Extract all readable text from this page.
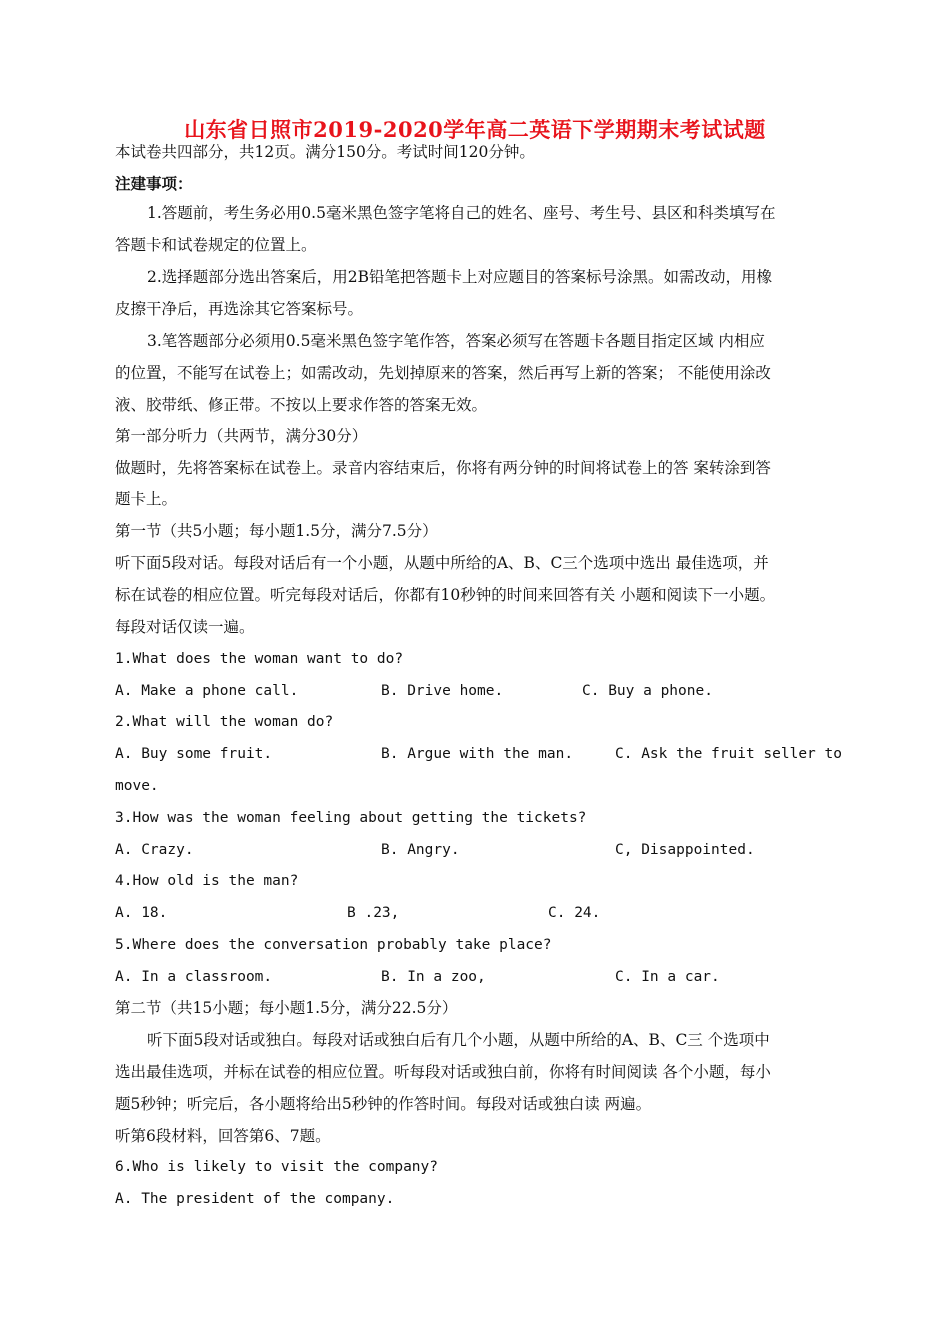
山东省日照市2019-2020学年高二英语下学期期末考试试题
本试卷共四部分，共12页。满分150分。考试时间120分钟。
注建事项：
1.答题前，考生务必用0.5毫米黑色签字笔将自己的姓名、座号、考生号、县区和科类填写在
答题卡和试卷规定的位置上。
2.选择题部分选出答案后，用2B铅笔把答题卡上对应题目的答案标号涂黑。如需改动，用橡
皮擦干净后，再选涂其它答案标号。
3.笔答题部分必须用0.5毫米黑色签字笔作答，答案必须写在答题卡各题目指定区域 内相应
的位置，不能写在试卷上；如需改动，先划掉原来的答案，然后再写上新的答案； 不能使用涂改
液、胶带纸、修正带。不按以上要求作答的答案无效。
第一部分听力（共两节，满分30分）
做题时，先将答案标在试卷上。录音内容结束后，你将有两分钟的时间将试卷上的答 案转涂到答
题卡上。
第一节（共5小题；每小题1.5分，满分7.5分）
听下面5段对话。每段对话后有一个小题，从题中所给的A、B、C三个选项中选出 最佳选项，并
标在试卷的相应位置。听完每段对话后，你都有10秒钟的时间来回答有关 小题和阅读下一小题。
每段对话仅读一遍。
1.What does the woman want to do?
A. Make a phone call.	B. Drive home.	C. Buy a phone.
2.What will the woman do?
A. Buy some fruit.	B. Argue with the man.	C. Ask the fruit seller to
move.
3.How was the woman feeling about getting the tickets?
A. Crazy.	B. Angry.	C, Disappointed.
4.How old is the man?
A. 18.	B .23,	C. 24.
5.Where does the conversation probably take place?
A. In a classroom.	B. In a zoo,	C. In a car.
第二节（共15小题；每小题1.5分，满分22.5分）
听下面5段对话或独白。每段对话或独白后有几个小题，从题中所给的A、B、C三 个选项中
选出最佳选项，并标在试卷的相应位置。听每段对话或独白前，你将有时间阅读 各个小题，每小
题5秒钟；听完后，各小题将给出5秒钟的作答时间。每段对话或独白读 两遍。
听第6段材料，回答第6、7题。
6.Who is likely to visit the company?
A. The president of the company.
